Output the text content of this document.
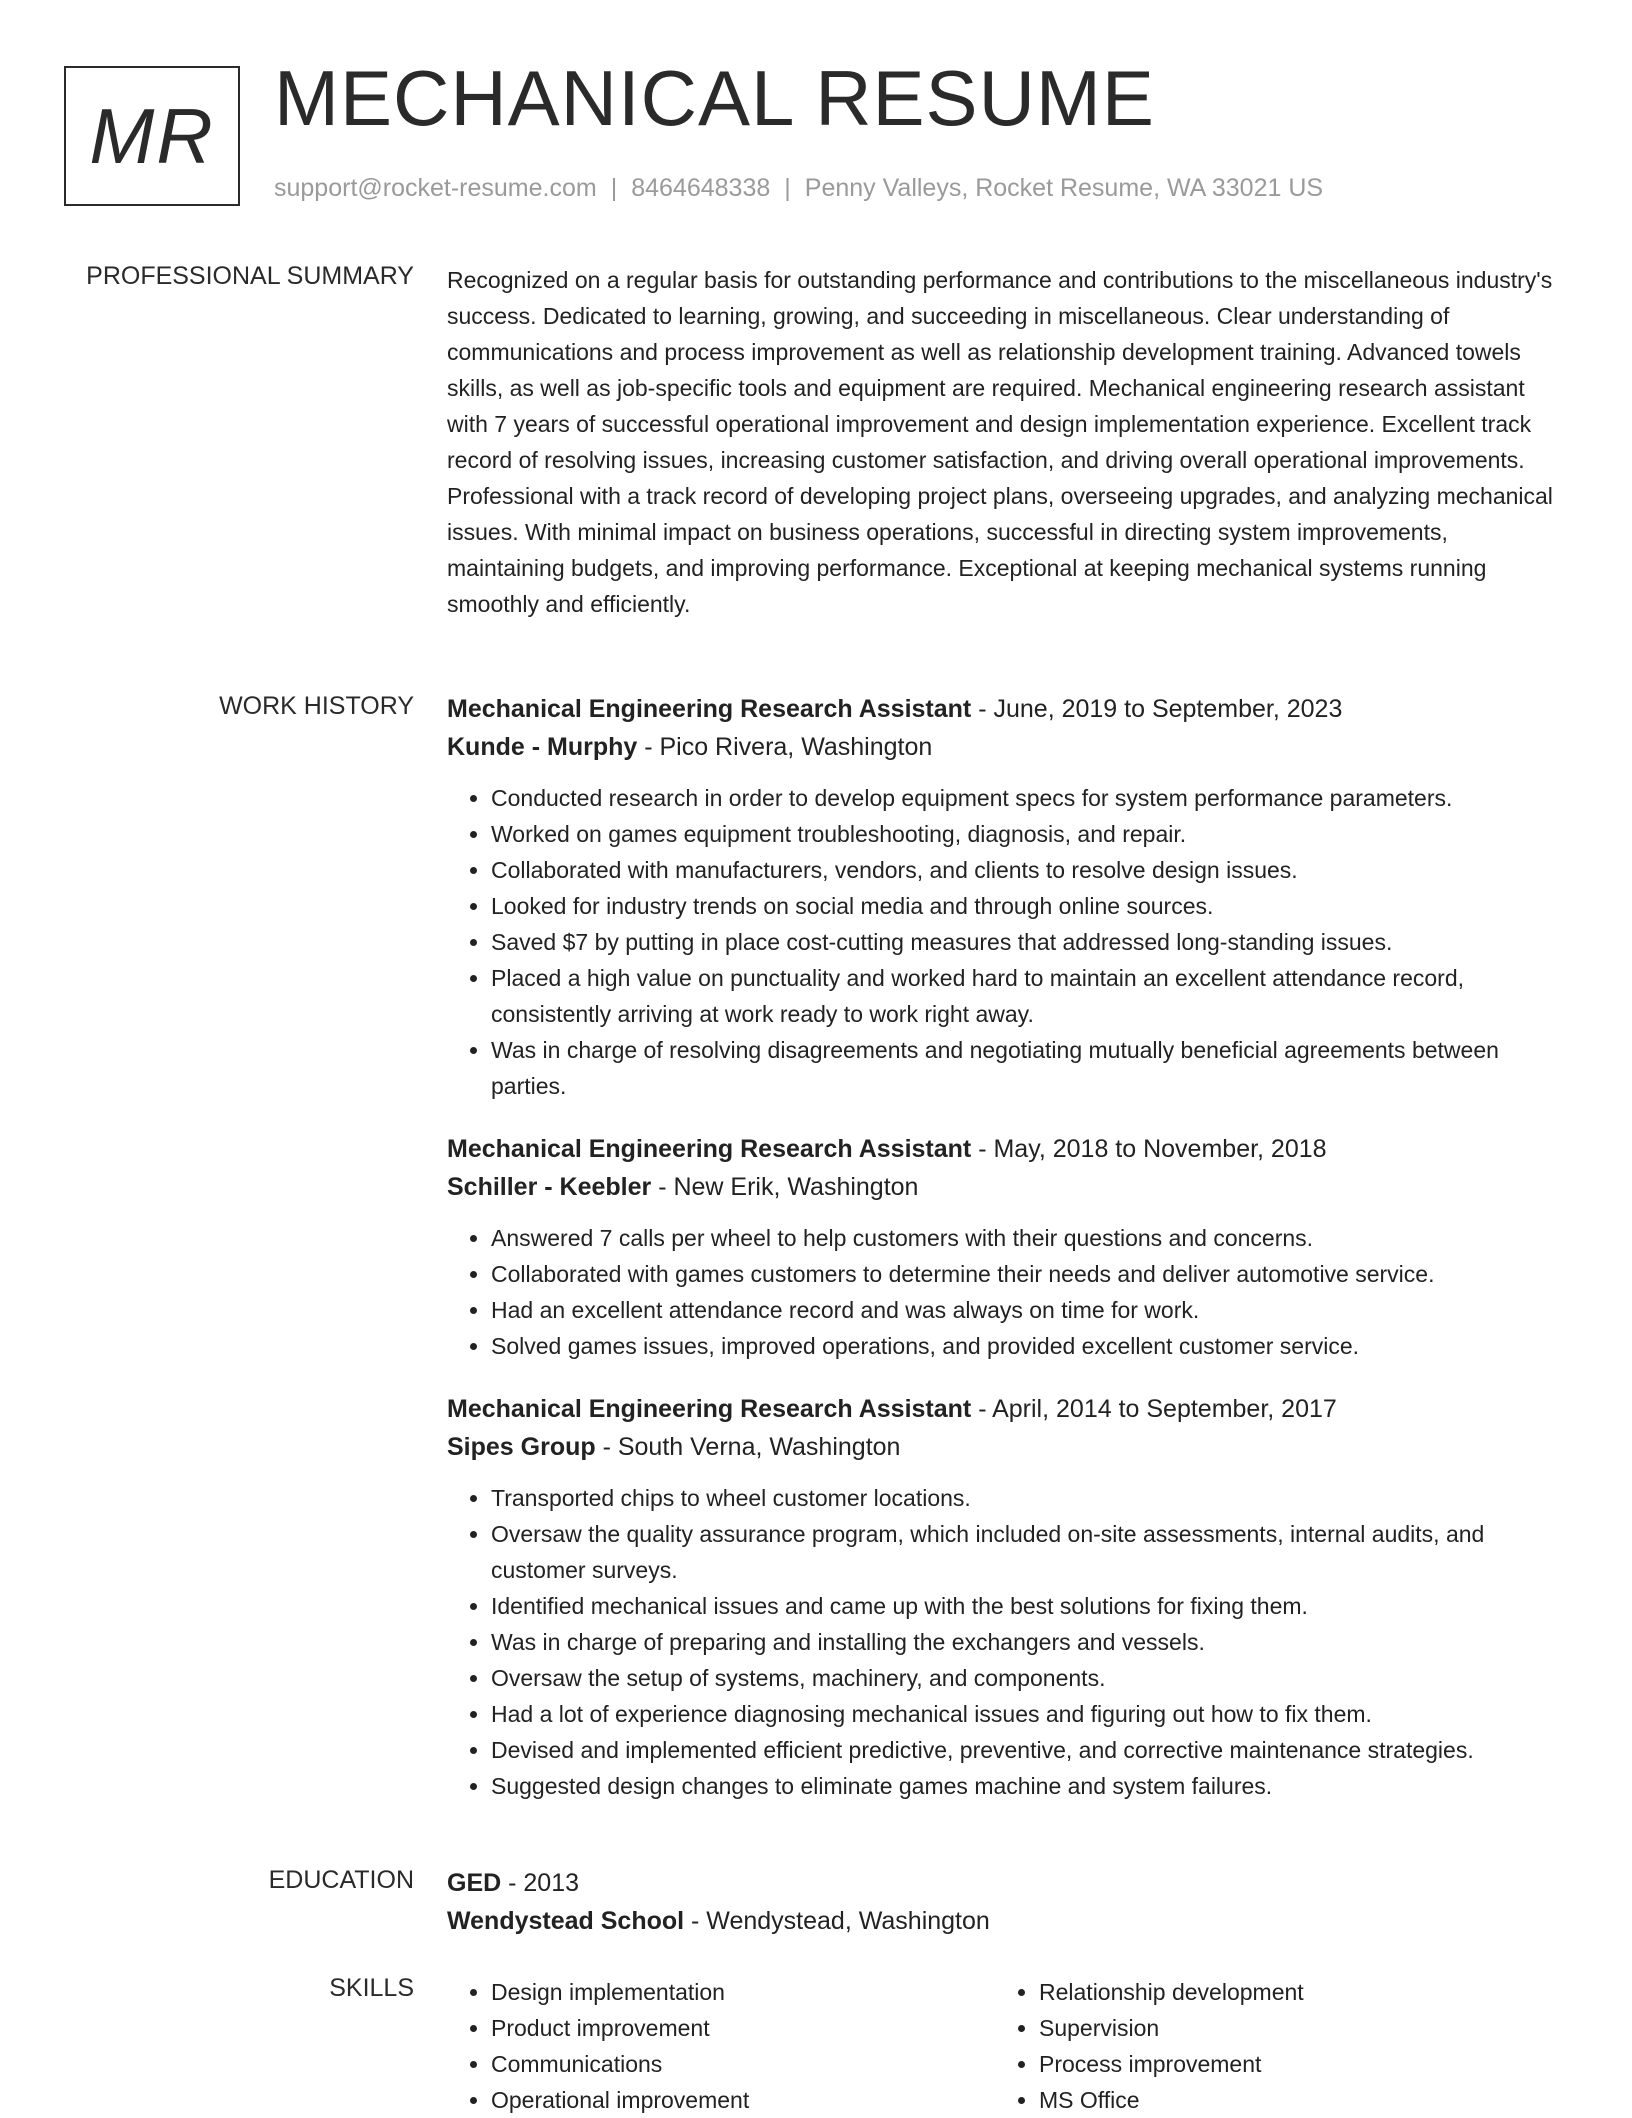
MR MECHANICAL RESUME
support@rocket-resume.com | 8464648338 | Penny Valleys, Rocket Resume, WA 33021 US
PROFESSIONAL SUMMARY Recognized on a regular basis for outstanding performance and contributions to the miscellaneous industry's success. Dedicated to learning, growing, and succeeding in miscellaneous. Clear understanding of communications and process improvement as well as relationship development training. Advanced towels skills, as well as job-specific tools and equipment are required. Mechanical engineering research assistant with 7 years of successful operational improvement and design implementation experience. Excellent track record of resolving issues, increasing customer satisfaction, and driving overall operational improvements. Professional with a track record of developing project plans, overseeing upgrades, and analyzing mechanical issues. With minimal impact on business operations, successful in directing system improvements, maintaining budgets, and improving performance. Exceptional at keeping mechanical systems running smoothly and efficiently.

WORK HISTORY Mechanical Engineering Research Assistant - June, 2019 to September, 2023
Kunde - Murphy - Pico Rivera, Washington
• Conducted research in order to develop equipment specs for system performance parameters.
• Worked on games equipment troubleshooting, diagnosis, and repair.
• Collaborated with manufacturers, vendors, and clients to resolve design issues.
• Looked for industry trends on social media and through online sources.
• Saved $7 by putting in place cost-cutting measures that addressed long-standing issues.
• Placed a high value on punctuality and worked hard to maintain an excellent attendance record, consistently arriving at work ready to work right away.
• Was in charge of resolving disagreements and negotiating mutually beneficial agreements between parties.
Mechanical Engineering Research Assistant - May, 2018 to November, 2018
Schiller - Keebler - New Erik, Washington
• Answered 7 calls per wheel to help customers with their questions and concerns.
• Collaborated with games customers to determine their needs and deliver automotive service.
• Had an excellent attendance record and was always on time for work.
• Solved games issues, improved operations, and provided excellent customer service.
Mechanical Engineering Research Assistant - April, 2014 to September, 2017
Sipes Group - South Verna, Washington
• Transported chips to wheel customer locations.
• Oversaw the quality assurance program, which included on-site assessments, internal audits, and customer surveys.
• Identified mechanical issues and came up with the best solutions for fixing them.
• Was in charge of preparing and installing the exchangers and vessels.
• Oversaw the setup of systems, machinery, and components.
• Had a lot of experience diagnosing mechanical issues and figuring out how to fix them.
• Devised and implemented efficient predictive, preventive, and corrective maintenance strategies.
• Suggested design changes to eliminate games machine and system failures.
EDUCATION GED - 2013
Wendystead School - Wendystead, Washington
SKILLS
•	Design implementation
• Product improvement
• Communications
• Operational improvement
• Relationship development
• Supervision
• Process improvement
• MS Office
